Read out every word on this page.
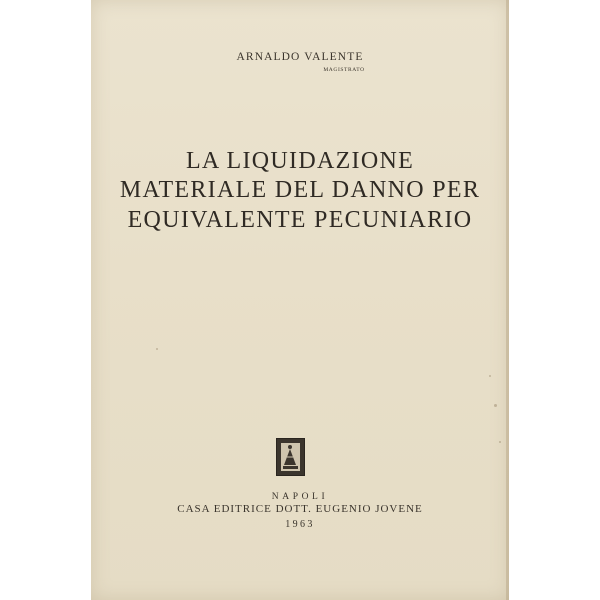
ARNALDO VALENTE
MAGISTRATO
LA LIQUIDAZIONE
MATERIALE DEL DANNO PER
EQUIVALENTE PECUNIARIO
NAPOLI
CASA EDITRICE DOTT. EUGENIO JOVENE
1963
